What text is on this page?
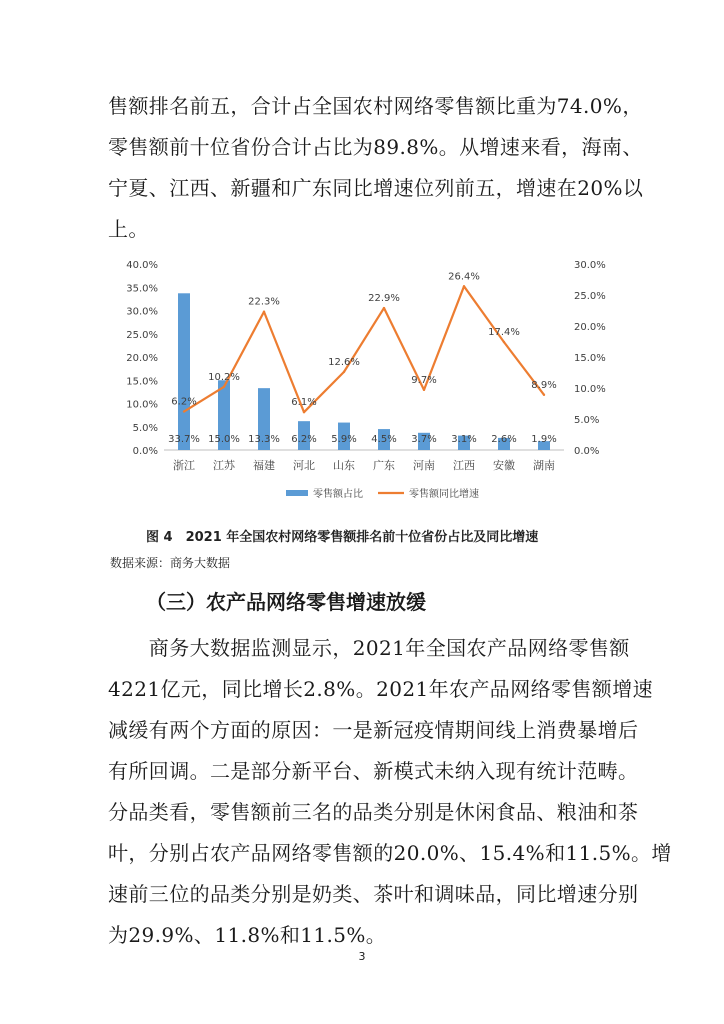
售额排名前五，合计占全国农村网络零售额比重为74.0%，
零售额前十位省份合计占比为89.8%。从增速来看，海南、
宁夏、江西、新疆和广东同比增速位列前五，增速在20%以
上。
0.0%
5.0%
10.0%
15.0%
20.0%
25.0%
30.0%
35.0%
40.0%
0.0%
5.0%
10.0%
15.0%
20.0%
25.0%
30.0%
33.7% 15.0% 13.3% 6.2% 5.9% 4.5% 3.7% 3.1% 2.6% 1.9%
6.2%
10.2%
22.3%
6.1%
12.6%
22.9%
9.7%
26.4%
17.4%
8.9%
浙江 江苏 福建 河北 山东 广东 河南 江西 安徽 湖南
零售额占比	零售额同比增速
图 4　2021 年全国农村网络零售额排名前十位省份占比及同比增速
数据来源：商务大数据
（三）农产品网络零售增速放缓
　　商务大数据监测显示，2021年全国农产品网络零售额
4221亿元，同比增长2.8%。2021年农产品网络零售额增速
减缓有两个方面的原因：一是新冠疫情期间线上消费暴增后
有所回调。二是部分新平台、新模式未纳入现有统计范畴。
分品类看，零售额前三名的品类分别是休闲食品、粮油和茶
叶，分别占农产品网络零售额的20.0%、15.4%和11.5%。增
速前三位的品类分别是奶类、茶叶和调味品，同比增速分别
为29.9%、11.8%和11.5%。
3
